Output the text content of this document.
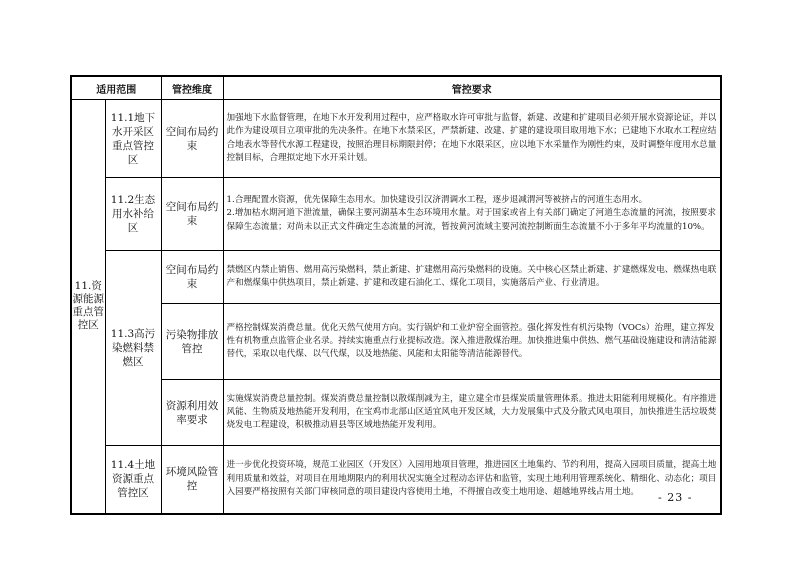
适用范围		管控维度	管控要求
11.资源能源重点管控区	11.1地下水开采区重点管控区	空间布局约束	加强地下水监督管理，在地下水开发利用过程中，应严格取水许可审批与监督，新建、改建和扩建项目必须开展水资源论证，并以此作为建设项目立项审批的先决条件。在地下水禁采区，严禁新建、改建、扩建的建设项目取用地下水；已建地下水取水工程应结合地表水等替代水源工程建设，按照治理目标期限封停；在地下水限采区，应以地下水采量作为刚性约束，及时调整年度用水总量控制目标，合理拟定地下水开采计划。
	11.2生态用水补给区	空间布局约束	1.合理配置水资源，优先保障生态用水。加快建设引汉济渭调水工程，逐步退减渭河等被挤占的河道生态用水。
2.增加枯水期河道下泄流量，确保主要河湖基本生态环境用水量。对于国家或省上有关部门确定了河道生态流量的河流，按照要求保障生态流量；对尚未以正式文件确定生态流量的河流，暂按黄河流域主要河流控制断面生态流量不小于多年平均流量的10%。

	11.3高污染燃料禁燃区	空间布局约束	禁燃区内禁止销售、燃用高污染燃料，禁止新建、扩建燃用高污染燃料的设施。关中核心区禁止新建、扩建燃煤发电、燃煤热电联产和燃煤集中供热项目，禁止新建、扩建和改建石油化工、煤化工项目，实施落后产业、行业清退。
		污染物排放管控	严格控制煤炭消费总量。优化天然气使用方向。实行锅炉和工业炉窑全面管控。强化挥发性有机污染物（VOCs）治理，建立挥发性有机物重点监管企业名录。持续实施重点行业提标改造。深入推进散煤治理。加快推进集中供热、燃气基础设施建设和清洁能源替代，采取以电代煤、以气代煤，以及地热能、风能和太阳能等清洁能源替代。
		资源利用效率要求	实施煤炭消费总量控制。煤炭消费总量控制以散煤削减为主，建立建全市县煤炭质量管理体系。推进太阳能利用规模化。有序推进风能、生物质及地热能开发利用，在宝鸡市北部山区适宜风电开发区域，大力发展集中式及分散式风电项目，加快推进生活垃圾焚烧发电工程建设，积极推动眉县等区域地热能开发利用。
	11.4土地资源重点管控区	环境风险管控	进一步优化投资环境，规范工业园区（开发区）入园用地项目管理，推进园区土地集约、节约利用，提高入园项目质量，提高土地利用质量和效益，对项目在用地期限内的利用状况实施全过程动态评估和监管，实现土地利用管理系统化、精细化、动态化；项目入园要严格按照有关部门审核同意的项目建设内容使用土地，不得擅自改变土地用途、超越地界线占用土地。 - 23 -
